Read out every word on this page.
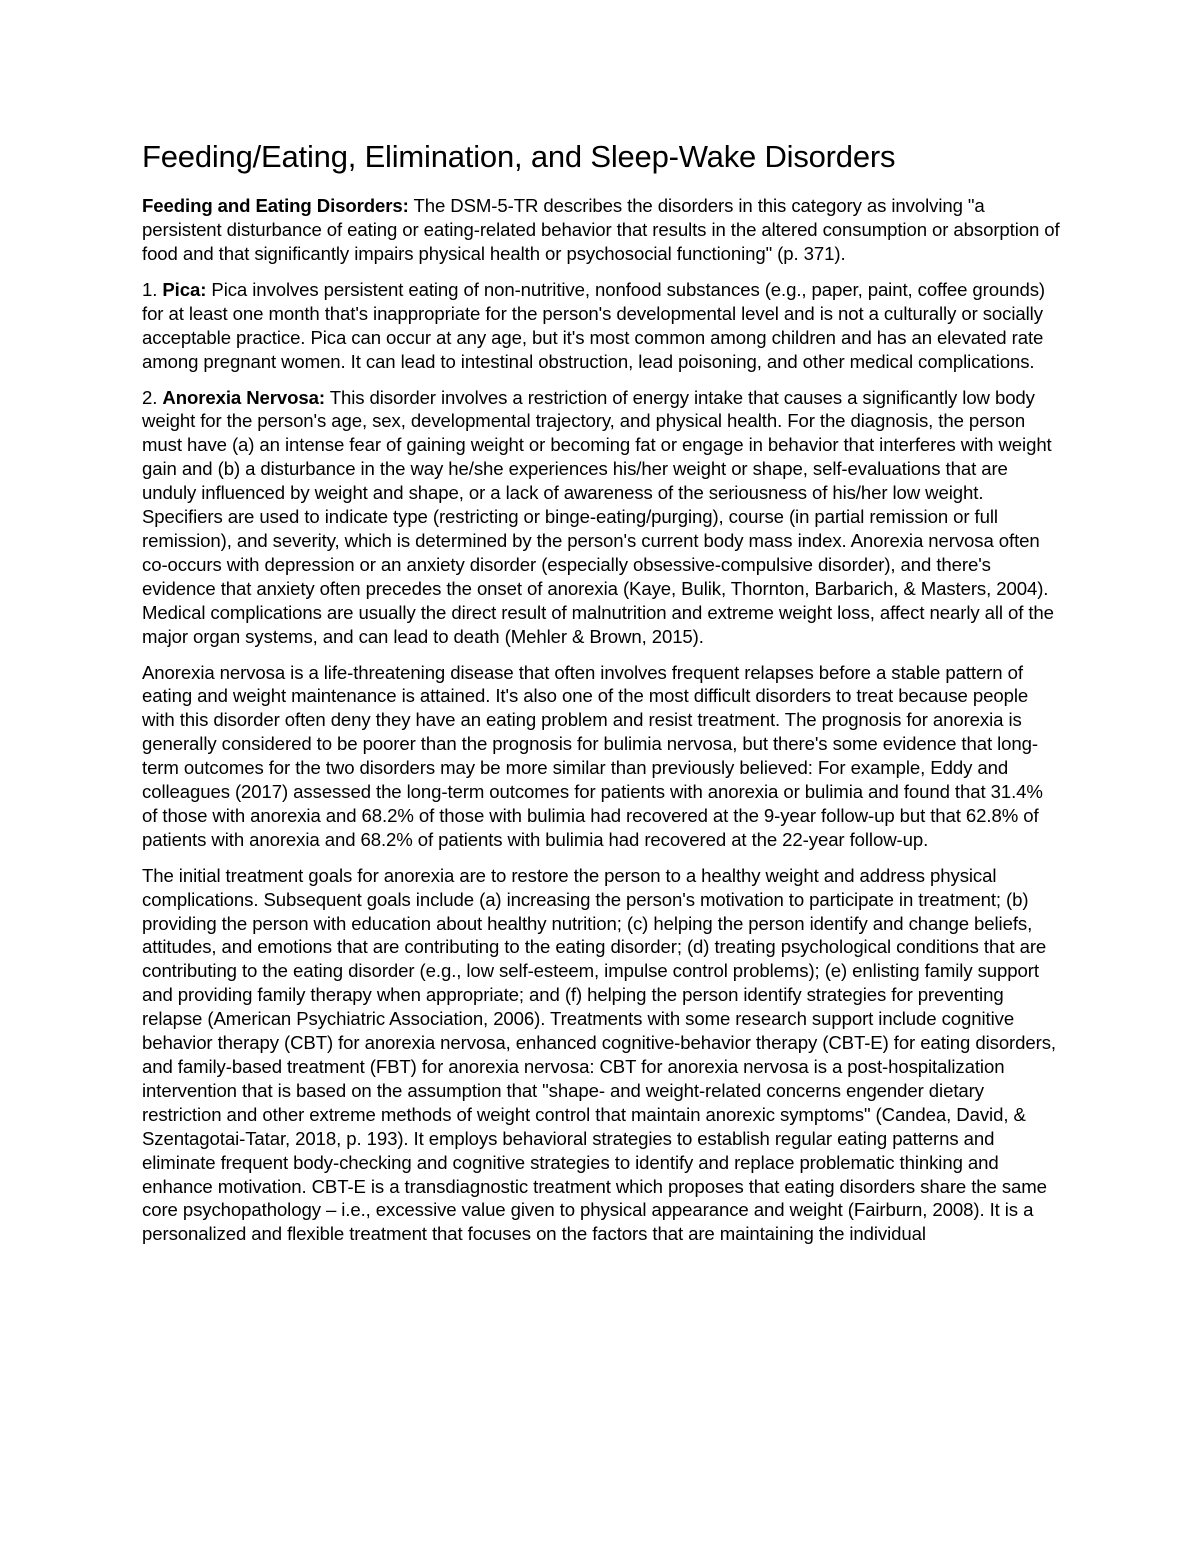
Feeding/Eating, Elimination, and Sleep-Wake Disorders

Feeding and Eating Disorders: The DSM-5-TR describes the disorders in this category as involving "a persistent disturbance of eating or eating-related behavior that results in the altered consumption or absorption of food and that significantly impairs physical health or psychosocial functioning" (p. 371).

1. Pica: Pica involves persistent eating of non-nutritive, nonfood substances (e.g., paper, paint, coffee grounds) for at least one month that's inappropriate for the person's developmental level and is not a culturally or socially acceptable practice. Pica can occur at any age, but it's most common among children and has an elevated rate among pregnant women. It can lead to intestinal obstruction, lead poisoning, and other medical complications.

2. Anorexia Nervosa: This disorder involves a restriction of energy intake that causes a significantly low body weight for the person's age, sex, developmental trajectory, and physical health. For the diagnosis, the person must have (a) an intense fear of gaining weight or becoming fat or engage in behavior that interferes with weight gain and (b) a disturbance in the way he/she experiences his/her weight or shape, self-evaluations that are unduly influenced by weight and shape, or a lack of awareness of the seriousness of his/her low weight. Specifiers are used to indicate type (restricting or binge-eating/purging), course (in partial remission or full remission), and severity, which is determined by the person's current body mass index. Anorexia nervosa often co-occurs with depression or an anxiety disorder (especially obsessive-compulsive disorder), and there's evidence that anxiety often precedes the onset of anorexia (Kaye, Bulik, Thornton, Barbarich, & Masters, 2004). Medical complications are usually the direct result of malnutrition and extreme weight loss, affect nearly all of the major organ systems, and can lead to death (Mehler & Brown, 2015).

Anorexia nervosa is a life-threatening disease that often involves frequent relapses before a stable pattern of eating and weight maintenance is attained. It's also one of the most difficult disorders to treat because people with this disorder often deny they have an eating problem and resist treatment. The prognosis for anorexia is generally considered to be poorer than the prognosis for bulimia nervosa, but there's some evidence that long-term outcomes for the two disorders may be more similar than previously believed: For example, Eddy and colleagues (2017) assessed the long-term outcomes for patients with anorexia or bulimia and found that 31.4% of those with anorexia and 68.2% of those with bulimia had recovered at the 9-year follow-up but that 62.8% of patients with anorexia and 68.2% of patients with bulimia had recovered at the 22-year follow-up.

The initial treatment goals for anorexia are to restore the person to a healthy weight and address physical complications. Subsequent goals include (a) increasing the person's motivation to participate in treatment; (b) providing the person with education about healthy nutrition; (c) helping the person identify and change beliefs, attitudes, and emotions that are contributing to the eating disorder; (d) treating psychological conditions that are contributing to the eating disorder (e.g., low self-esteem, impulse control problems); (e) enlisting family support and providing family therapy when appropriate; and (f) helping the person identify strategies for preventing relapse (American Psychiatric Association, 2006). Treatments with some research support include cognitive behavior therapy (CBT) for anorexia nervosa, enhanced cognitive-behavior therapy (CBT-E) for eating disorders, and family-based treatment (FBT) for anorexia nervosa: CBT for anorexia nervosa is a post-hospitalization intervention that is based on the assumption that "shape- and weight-related concerns engender dietary restriction and other extreme methods of weight control that maintain anorexic symptoms" (Candea, David, & Szentagotai-Tatar, 2018, p. 193). It employs behavioral strategies to establish regular eating patterns and eliminate frequent body-checking and cognitive strategies to identify and replace problematic thinking and enhance motivation. CBT-E is a transdiagnostic treatment which proposes that eating disorders share the same core psychopathology – i.e., excessive value given to physical appearance and weight (Fairburn, 2008). It is a personalized and flexible treatment that focuses on the factors that are maintaining the individual
